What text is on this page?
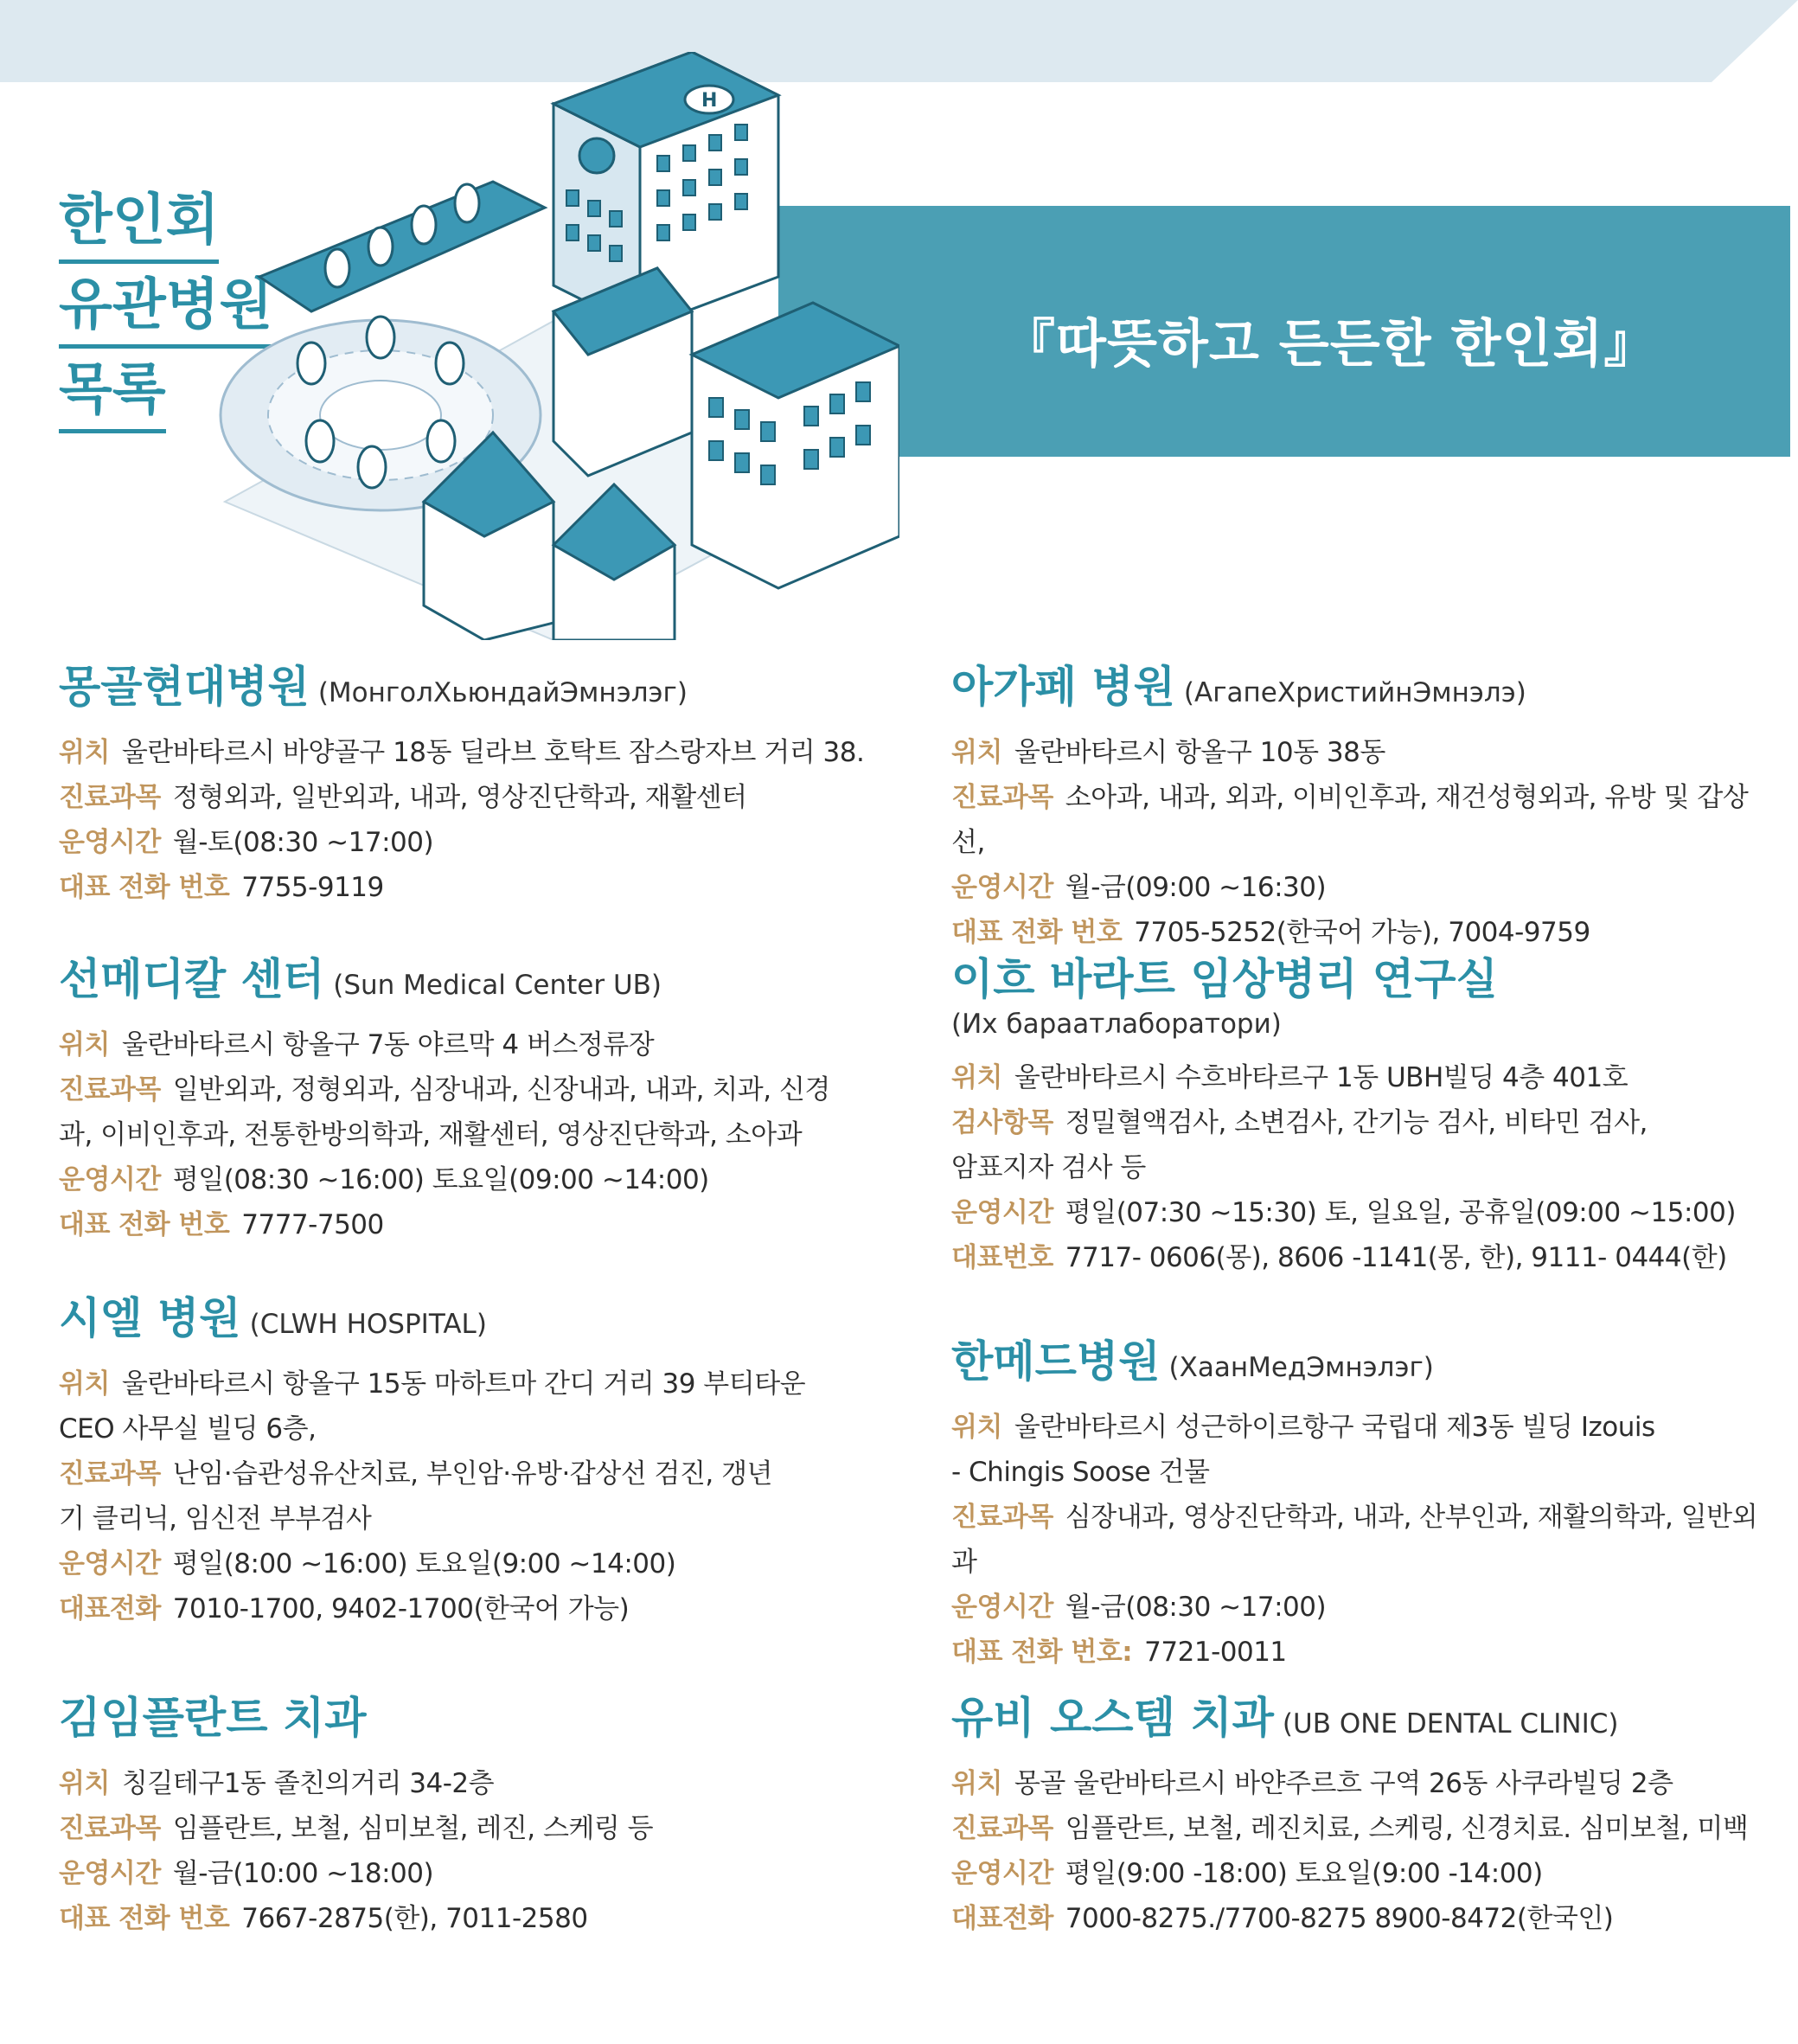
『따뜻하고 든든한 한인회』
한인회
유관병원
목록
H
몽골현대병원 (МонголХьюндайЭмнэлэг)
위치 울란바타르시 바양골구 18동 딜라브 호탁트 잠스랑자브 거리 38.
진료과목 정형외과, 일반외과, 내과, 영상진단학과, 재활센터
운영시간 월-토(08:30 ~17:00)
대표 전화 번호 7755-9119
선메디칼 센터 (Sun Medical Center UB)
위치 울란바타르시 항올구 7동 야르막 4 버스정류장
진료과목 일반외과, 정형외과, 심장내과, 신장내과, 내과, 치과, 신경
과, 이비인후과, 전통한방의학과, 재활센터, 영상진단학과, 소아과
운영시간 평일(08:30 ~16:00) 토요일(09:00 ~14:00)
대표 전화 번호 7777-7500
시엘 병원 (CLWH HOSPITAL)
위치 울란바타르시 항올구 15동 마하트마 간디 거리 39 부티타운
CEO 사무실 빌딩 6층,
진료과목 난임·습관성유산치료, 부인암·유방·갑상선 검진, 갱년
기 클리닉, 임신전 부부검사
운영시간 평일(8:00 ~16:00) 토요일(9:00 ~14:00)
대표전화 7010-1700, 9402-1700(한국어 가능)
김임플란트 치과
위치 칭길테구1동 졸친의거리 34-2층
진료과목 임플란트, 보철, 심미보철, 레진, 스케링 등
운영시간 월-금(10:00 ~18:00)
대표 전화 번호 7667-2875(한), 7011-2580
아가페 병원 (АгапеХристийнЭмнэлэ)
위치 울란바타르시 항올구 10동 38동
진료과목 소아과, 내과, 외과, 이비인후과, 재건성형외과, 유방 및 갑상선,
운영시간 월-금(09:00 ~16:30)
대표 전화 번호 7705-5252(한국어 가능), 7004-9759
이흐 바라트 임상병리 연구실
(Их бараатлаборатори)
위치 울란바타르시 수흐바타르구 1동 UBH빌딩 4층 401호
검사항목 정밀혈액검사, 소변검사, 간기능 검사, 비타민 검사,
암표지자 검사 등
운영시간 평일(07:30 ~15:30) 토, 일요일, 공휴일(09:00 ~15:00)
대표번호 7717- 0606(몽), 8606 -1141(몽, 한), 9111- 0444(한)
한메드병원 (ХаанМедЭмнэлэг)
위치 울란바타르시 성근하이르항구 국립대 제3동 빌딩 Izouis
- Chingis Soose 건물
진료과목 심장내과, 영상진단학과, 내과, 산부인과, 재활의학과, 일반외과
운영시간 월-금(08:30 ~17:00)
대표 전화 번호: 7721-0011
유비 오스템 치과 (UB ONE DENTAL CLINIC)
위치 몽골 울란바타르시 바얀주르흐 구역 26동 사쿠라빌딩 2층
진료과목 임플란트, 보철, 레진치료, 스케링, 신경치료. 심미보철, 미백
운영시간 평일(9:00 -18:00) 토요일(9:00 -14:00)
대표전화 7000-8275./7700-8275 8900-8472(한국인)
